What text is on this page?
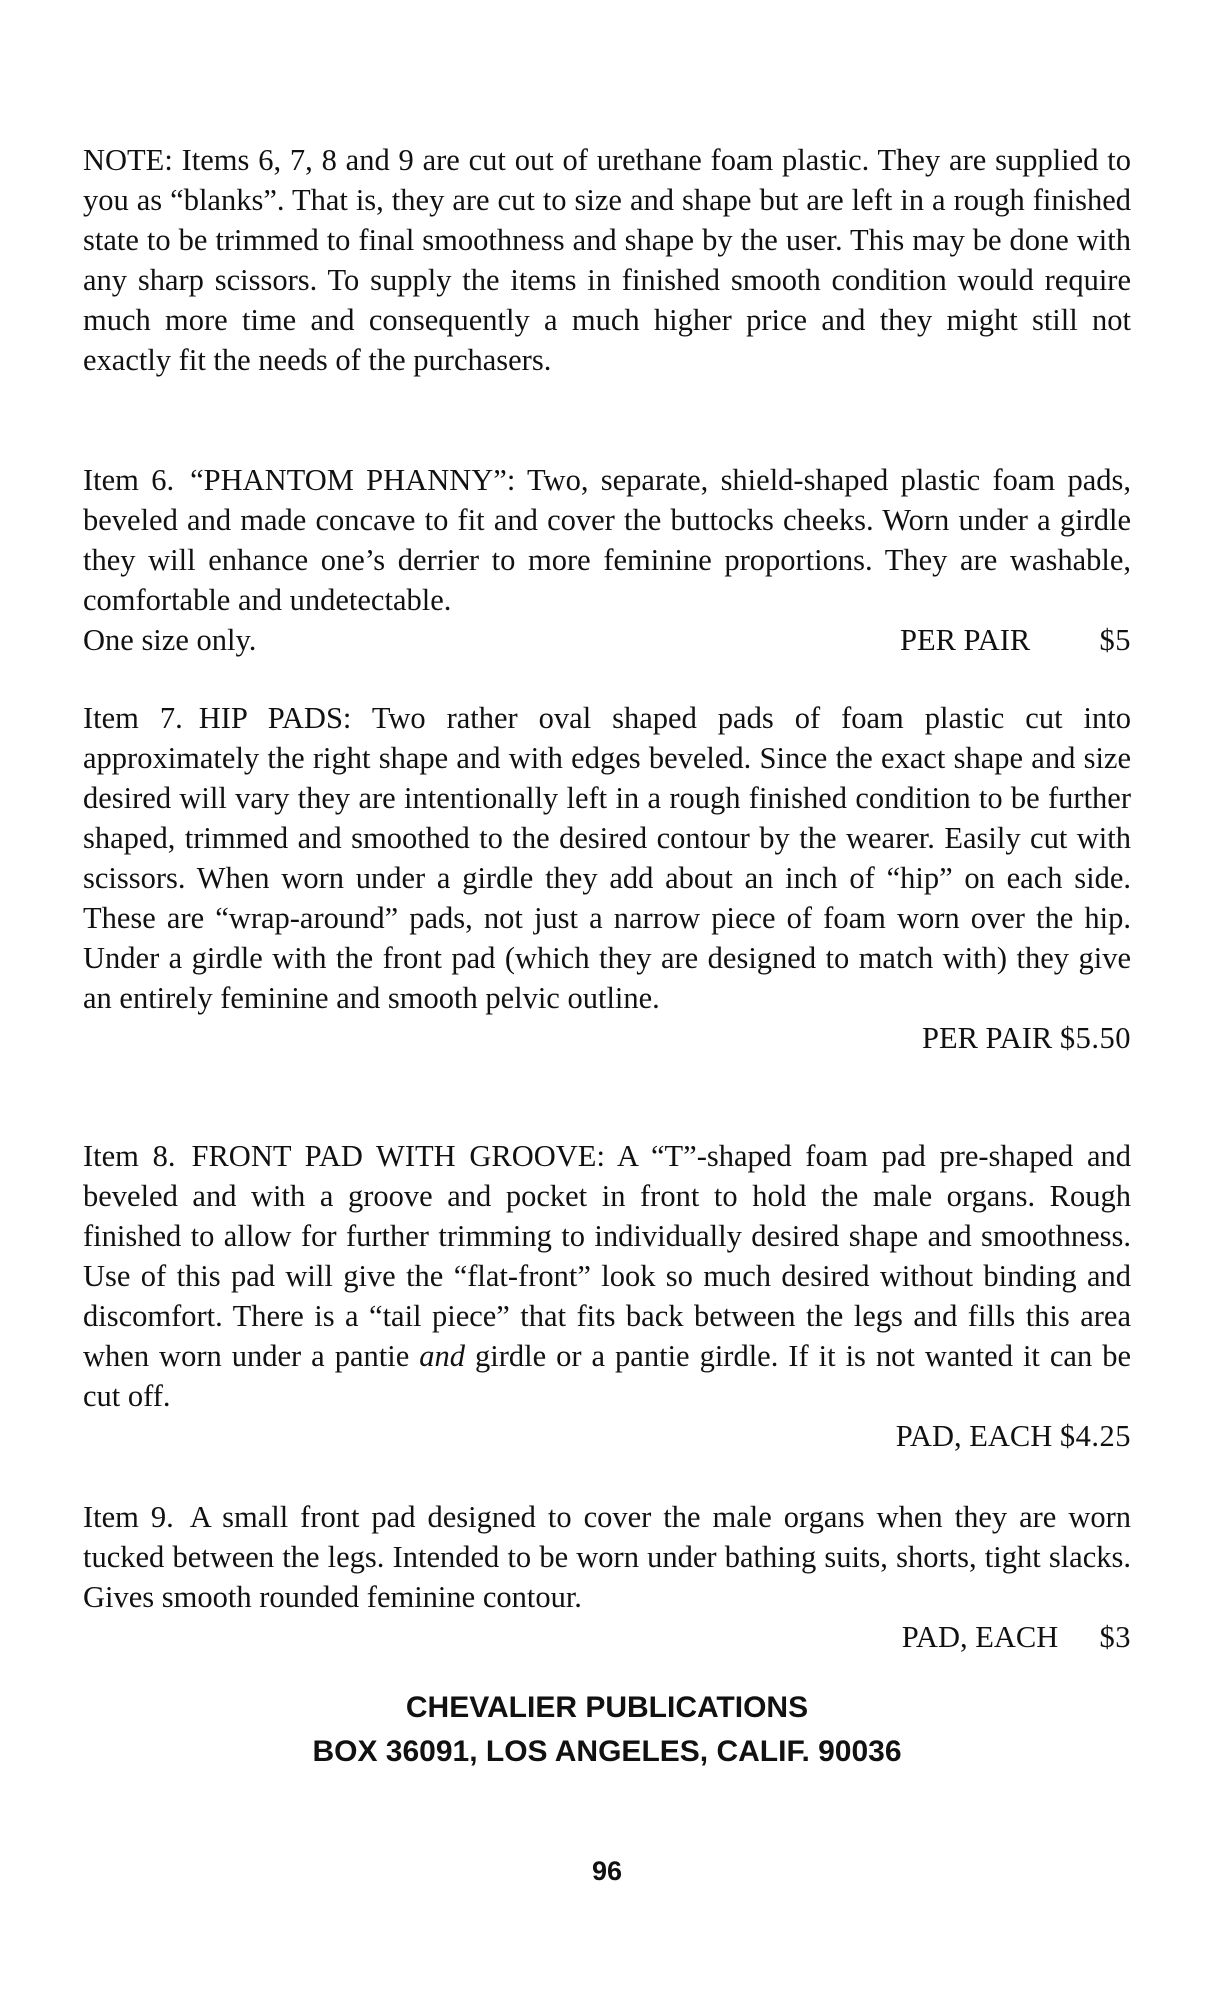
NOTE: Items 6, 7, 8 and 9 are cut out of urethane foam plastic. They are supplied to you as “blanks”. That is, they are cut to size and shape but are left in a rough finished state to be trimmed to final smoothness and shape by the user. This may be done with any sharp scissors. To supply the items in finished smooth condition would require much more time and consequently a much higher price and they might still not exactly fit the needs of the purchasers.

Item 6. “PHANTOM PHANNY”: Two, separate, shield-shaped plastic foam pads, beveled and made concave to fit and cover the buttocks cheeks. Worn under a girdle they will enhance one’s derrier to more feminine proportions. They are washable, comfortable and undetectable.
One size only.	PER PAIR $5
Item 7. HIP PADS: Two rather oval shaped pads of foam plastic cut into approximately the right shape and with edges beveled. Since the exact shape and size desired will vary they are intentionally left in a rough finished condition to be further shaped, trimmed and smoothed to the desired contour by the wearer. Easily cut with scissors. When worn under a girdle they add about an inch of “hip” on each side. These are “wrap-around” pads, not just a narrow piece of foam worn over the hip. Under a girdle with the front pad (which they are designed to match with) they give an entirely feminine and smooth pelvic outline.
PER PAIR $5.50
Item 8. FRONT PAD WITH GROOVE: A “T”-shaped foam pad pre-shaped and beveled and with a groove and pocket in front to hold the male organs. Rough finished to allow for further trimming to individually desired shape and smoothness. Use of this pad will give the “flat-front” look so much desired without binding and discomfort. There is a “tail piece” that fits back between the legs and fills this area when worn under a pantie and girdle or a pantie girdle. If it is not wanted it can be cut off.
PAD, EACH $4.25
Item 9. A small front pad designed to cover the male organs when they are worn tucked between the legs. Intended to be worn under bathing suits, shorts, tight slacks. Gives smooth rounded feminine contour.
PAD, EACH $3
CHEVALIER PUBLICATIONS
BOX 36091, LOS ANGELES, CALIF. 90036
96
